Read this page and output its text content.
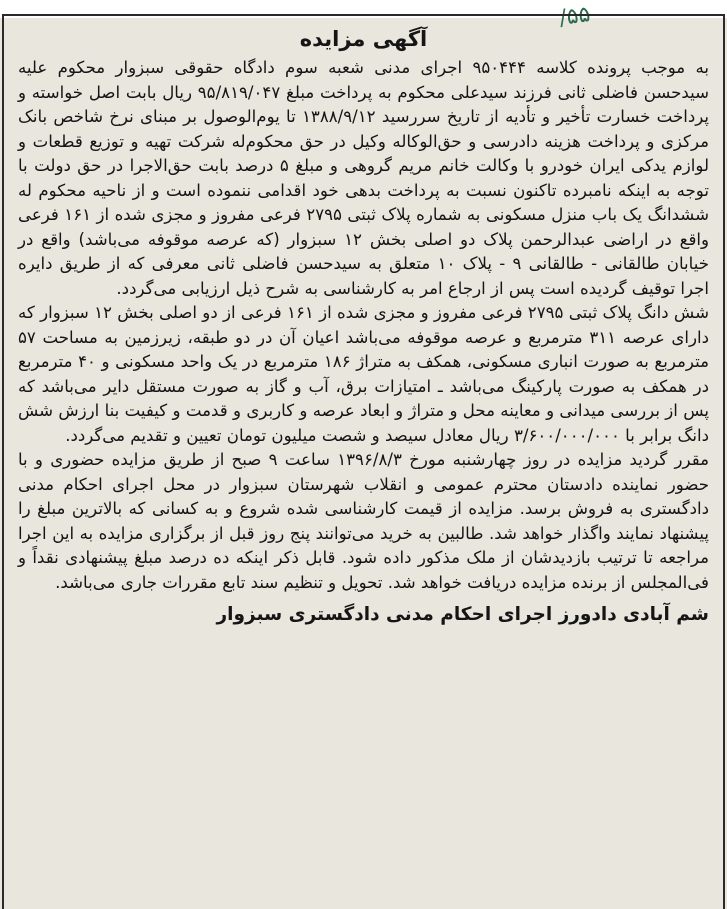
/۵۵
آگهی مزایده

به موجب پرونده کلاسه ۹۵۰۴۴۴ اجرای مدنی شعبه سوم دادگاه حقوقی سبزوار محکوم علیه سیدحسن فاضلی ثانی فرزند سیدعلی محکوم به پرداخت مبلغ ۹۵/۸۱۹/۰۴۷ ریال بابت اصل خواسته و پرداخت خسارت تأخیر و تأدیه از تاریخ سررسید ۱۳۸۸/۹/۱۲ تا یوم‌الوصول بر مبنای نرخ شاخص بانک مرکزی و پرداخت هزینه دادرسی و حق‌الوکاله وکیل در حق محکوم‌له شرکت تهیه و توزیع قطعات و لوازم یدکی ایران خودرو با وکالت خانم مریم گروهی و مبلغ ۵ درصد بابت حق‌الاجرا در حق دولت با توجه به اینکه نامبرده تاکنون نسبت به پرداخت بدهی خود اقدامی ننموده است و از ناحیه محکوم له ششدانگ یک باب منزل مسکونی به شماره پلاک ثبتی ۲۷۹۵ فرعی مفروز و مجزی شده از ۱۶۱ فرعی واقع در اراضی عبدالرحمن پلاک دو اصلی بخش ۱۲ سبزوار (که عرصه موقوفه می‌باشد) واقع در خیابان طالقانی - طالقانی ۹ - پلاک ۱۰ متعلق به سیدحسن فاضلی ثانی معرفی که از طریق دایره اجرا توقیف گردیده است پس از ارجاع امر به کارشناسی به شرح ذیل ارزیابی می‌گردد.

شش دانگ پلاک ثبتی ۲۷۹۵ فرعی مفروز و مجزی شده از ۱۶۱ فرعی از دو اصلی بخش ۱۲ سبزوار که دارای عرصه ۳۱۱ مترمربع و عرصه موقوفه می‌باشد اعیان آن در دو طبقه، زیرزمین به مساحت ۵۷ مترمربع به صورت انباری مسکونی، همکف به متراژ ۱۸۶ مترمربع در یک واحد مسکونی و ۴۰ مترمربع در همکف به صورت پارکینگ می‌باشد ـ امتیازات برق، آب و گاز به صورت مستقل دایر می‌باشد که پس از بررسی میدانی و معاینه محل و متراژ و ابعاد عرصه و کاربری و قدمت و کیفیت بنا ارزش شش دانگ برابر با ۳/۶۰۰/۰۰۰/۰۰۰ ریال معادل سیصد و شصت میلیون تومان تعیین و تقدیم می‌گردد.

مقرر گردید مزایده در روز چهارشنبه مورخ ۱۳۹۶/۸/۳ ساعت ۹ صبح از طریق مزایده حضوری و با حضور نماینده دادستان محترم عمومی و انقلاب شهرستان سبزوار در محل اجرای احکام مدنی دادگستری به فروش برسد. مزایده از قیمت کارشناسی شده شروع و به کسانی که بالاترین مبلغ را پیشنهاد نمایند واگذار خواهد شد. طالبین به خرید می‌توانند پنج روز قبل از برگزاری مزایده به این اجرا مراجعه تا ترتیب بازدیدشان از ملک مذکور داده شود. قابل ذکر اینکه ده درصد مبلغ پیشنهادی نقداً و فی‌المجلس از برنده مزایده دریافت خواهد شد. تحویل و تنظیم سند تابع مقررات جاری می‌باشد.

شم آبادی دادورز اجرای احکام مدنی دادگستری سبزوار
